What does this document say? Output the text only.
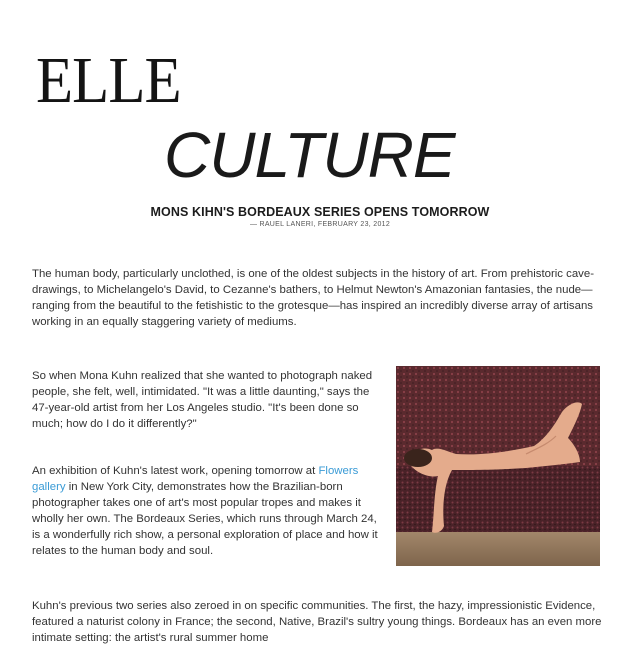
ELLE
CULTURE
MONS KIHN'S BORDEAUX SERIES OPENS TOMORROW
— RAUEL LANERI, FEBRUARY 23, 2012

The human body, particularly unclothed, is one of the oldest subjects in the history of art. From prehistoric cave-drawings, to Michelangelo's David, to Cezanne's bathers, to Helmut Newton's Amazonian fantasies, the nude—ranging from the beautiful to the fetishistic to the grotesque—has inspired an incredibly diverse array of artisans working in an equally staggering variety of mediums.

So when Mona Kuhn realized that she wanted to photograph naked people, she felt, well, intimidated. "It was a little daunting," says the 47-year-old artist from her Los Angeles studio. "It's been done so much; how do I do it differently?"

An exhibition of Kuhn's latest work, opening tomorrow at Flowers gallery in New York City, demonstrates how the Brazilian-born photographer takes one of art's most popular tropes and makes it wholly her own. The Bordeaux Series, which runs through March 24, is a wonderfully rich show, a personal exploration of place and how it relates to the human body and soul.

Kuhn's previous two series also zeroed in on specific communities. The first, the hazy, impressionistic Evidence, featured a naturist colony in France; the second, Native, Brazil's sultry young things. Bordeaux has an even more intimate setting: the artist's rural summer home
